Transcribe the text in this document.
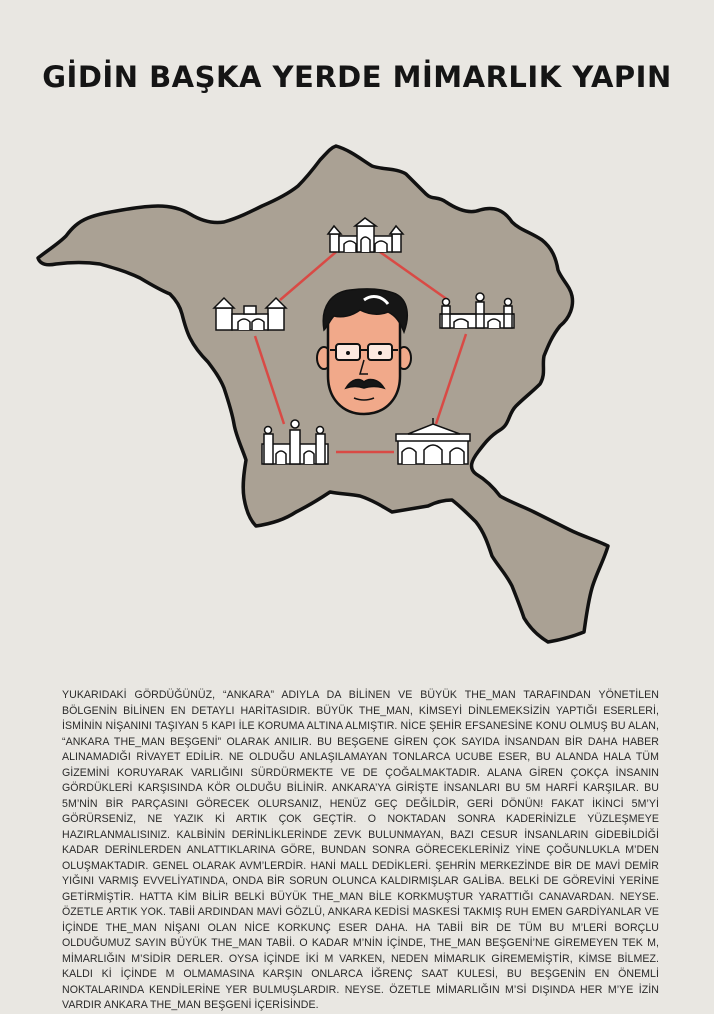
GİDİN BAŞKA YERDE MİMARLIK YAPIN
YUKARIDAKİ GÖRDÜĞÜNÜZ, “ANKARA” ADIYLA DA BİLİNEN VE BÜYÜK THE_MAN TARAFINDAN YÖNETİLEN BÖLGENİN BİLİNEN EN DETAYLI HARİTASIDIR. BÜYÜK THE_MAN, KİMSEYİ DİNLEMEKSİZİN YAPTIĞI ESERLERİ, İSMİNİN NİŞANINI TAŞIYAN 5 KAPI İLE KORUMA ALTINA ALMIŞTIR. NİCE ŞEHİR EFSANESİNE KONU OLMUŞ BU ALAN, “ANKARA THE_MAN BEŞGENİ” OLARAK ANILIR. BU BEŞGENE GİREN ÇOK SAYIDA İNSANDAN BİR DAHA HABER ALINAMADIĞI RİVAYET EDİLİR. NE OLDUĞU ANLAŞILAMAYAN TONLARCA UCUBE ESER, BU ALANDA HALA TÜM GİZEMİNİ KORUYARAK VARLIĞINI SÜRDÜRMEKTE VE DE ÇOĞALMAKTADIR. ALANA GİREN ÇOKÇA İNSANIN GÖRDÜKLERİ KARŞISINDA KÖR OLDUĞU BİLİNİR. ANKARA’YA GİRİŞTE İNSANLARI BU 5M HARFİ KARŞILAR. BU 5M’NİN BİR PARÇASINI GÖRECEK OLURSANIZ, HENÜZ GEÇ DEĞİLDİR, GERİ DÖNÜN! FAKAT İKİNCİ 5M’Yİ GÖRÜRSENİZ, NE YAZIK Kİ ARTIK ÇOK GEÇTİR. O NOKTADAN SONRA KADERİNİZLE YÜZLEŞMEYE HAZIRLANMALISINIZ. KALBİNİN DERİNLİKLERİNDE ZEVK BULUNMAYAN, BAZI CESUR İNSANLARIN GİDEBİLDİĞİ KADAR DERİNLERDEN ANLATTIKLARINA GÖRE, BUNDAN SONRA GÖRECEKLERİNİZ YİNE ÇOĞUNLUKLA M’DEN OLUŞMAKTADIR. GENEL OLARAK AVM’LERDİR. HANİ MALL DEDİKLERİ. ŞEHRİN MERKEZİNDE BİR DE MAVİ DEMİR YIĞINI VARMIŞ EVVELİYATINDA, ONDA BİR SORUN OLUNCA KALDIRMIŞLAR GALİBA. BELKİ DE GÖREVİNİ YERİNE GETİRMİŞTİR. HATTA KİM BİLİR BELKİ BÜYÜK THE_MAN BİLE KORKMUŞTUR YARATTIĞI CANAVARDAN. NEYSE. ÖZETLE ARTIK YOK. TABİİ ARDINDAN MAVİ GÖZLÜ, ANKARA KEDİSİ MASKESİ TAKMIŞ RUH EMEN GARDİYANLAR VE İÇİNDE THE_MAN NİŞANI OLAN NİCE KORKUNÇ ESER DAHA. HA TABİİ BİR DE TÜM BU M’LERİ BORÇLU OLDUĞUMUZ SAYIN BÜYÜK THE_MAN TABİİ. O KADAR M’NİN İÇİNDE, THE_MAN BEŞGENİ’NE GİREMEYEN TEK M, MİMARLIĞIN M’SİDİR DERLER. OYSA İÇİNDE İKİ M VARKEN, NEDEN MİMARLIK GİREMEMİŞTİR, KİMSE BİLMEZ. KALDI Kİ İÇİNDE M OLMAMASINA KARŞIN ONLARCA İĞRENÇ SAAT KULESİ, BU BEŞGENİN EN ÖNEMLİ NOKTALARINDA KENDİLERİNE YER BULMUŞLARDIR. NEYSE. ÖZETLE MİMARLIĞIN M’Sİ DIŞINDA HER M’YE İZİN VARDIR ANKARA THE_MAN BEŞGENİ İÇERİSİNDE.
